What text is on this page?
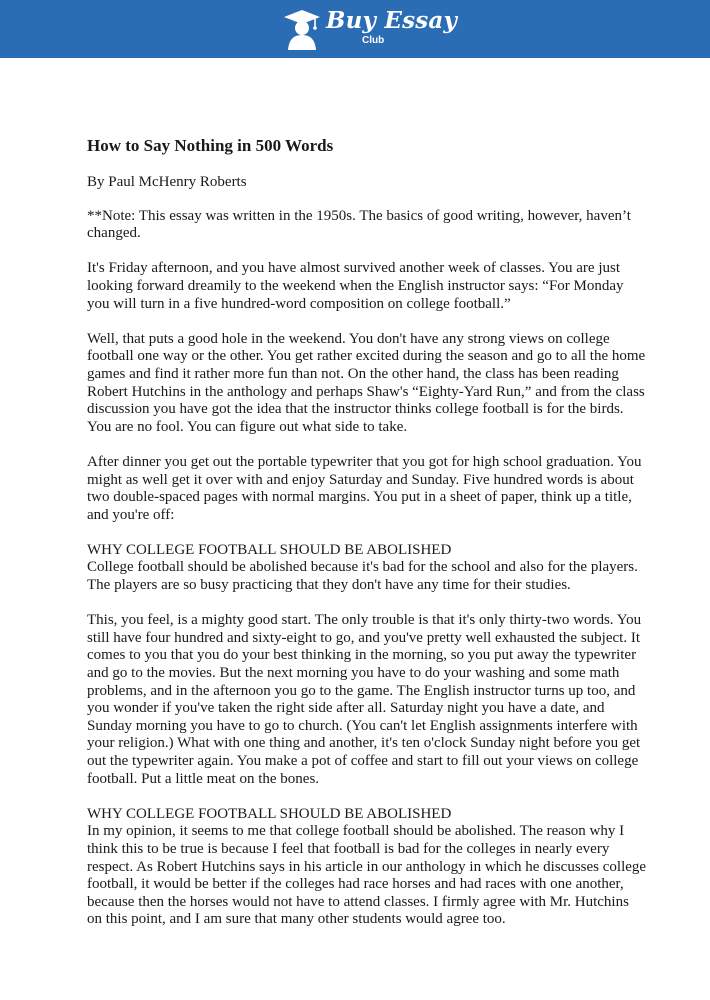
Buy Essay
Club

How to Say Nothing in 500 Words

By Paul McHenry Roberts

**Note: This essay was written in the 1950s. The basics of good writing, however, haven’t changed.

It's Friday afternoon, and you have almost survived another week of classes. You are just looking forward dreamily to the weekend when the English instructor says: “For Monday you will turn in a five hundred-word composition on college football.”

Well, that puts a good hole in the weekend. You don't have any strong views on college football one way or the other. You get rather excited during the season and go to all the home games and find it rather more fun than not. On the other hand, the class has been reading Robert Hutchins in the anthology and perhaps Shaw's “Eighty-Yard Run,” and from the class discussion you have got the idea that the instructor thinks college football is for the birds. You are no fool. You can figure out what side to take.

After dinner you get out the portable typewriter that you got for high school graduation. You might as well get it over with and enjoy Saturday and Sunday. Five hundred words is about two double-spaced pages with normal margins. You put in a sheet of paper, think up a title, and you're off:

WHY COLLEGE FOOTBALL SHOULD BE ABOLISHED
College football should be abolished because it's bad for the school and also for the players. The players are so busy practicing that they don't have any time for their studies.

This, you feel, is a mighty good start. The only trouble is that it's only thirty-two words. You still have four hundred and sixty-eight to go, and you've pretty well exhausted the subject. It comes to you that you do your best thinking in the morning, so you put away the typewriter and go to the movies. But the next morning you have to do your washing and some math problems, and in the afternoon you go to the game. The English instructor turns up too, and you wonder if you've taken the right side after all. Saturday night you have a date, and Sunday morning you have to go to church. (You can't let English assignments interfere with your religion.) What with one thing and another, it's ten o'clock Sunday night before you get out the typewriter again. You make a pot of coffee and start to fill out your views on college football. Put a little meat on the bones.

WHY COLLEGE FOOTBALL SHOULD BE ABOLISHED
In my opinion, it seems to me that college football should be abolished. The reason why I think this to be true is because I feel that football is bad for the colleges in nearly every respect. As Robert Hutchins says in his article in our anthology in which he discusses college football, it would be better if the colleges had race horses and had races with one another, because then the horses would not have to attend classes. I firmly agree with Mr. Hutchins on this point, and I am sure that many other students would agree too.
